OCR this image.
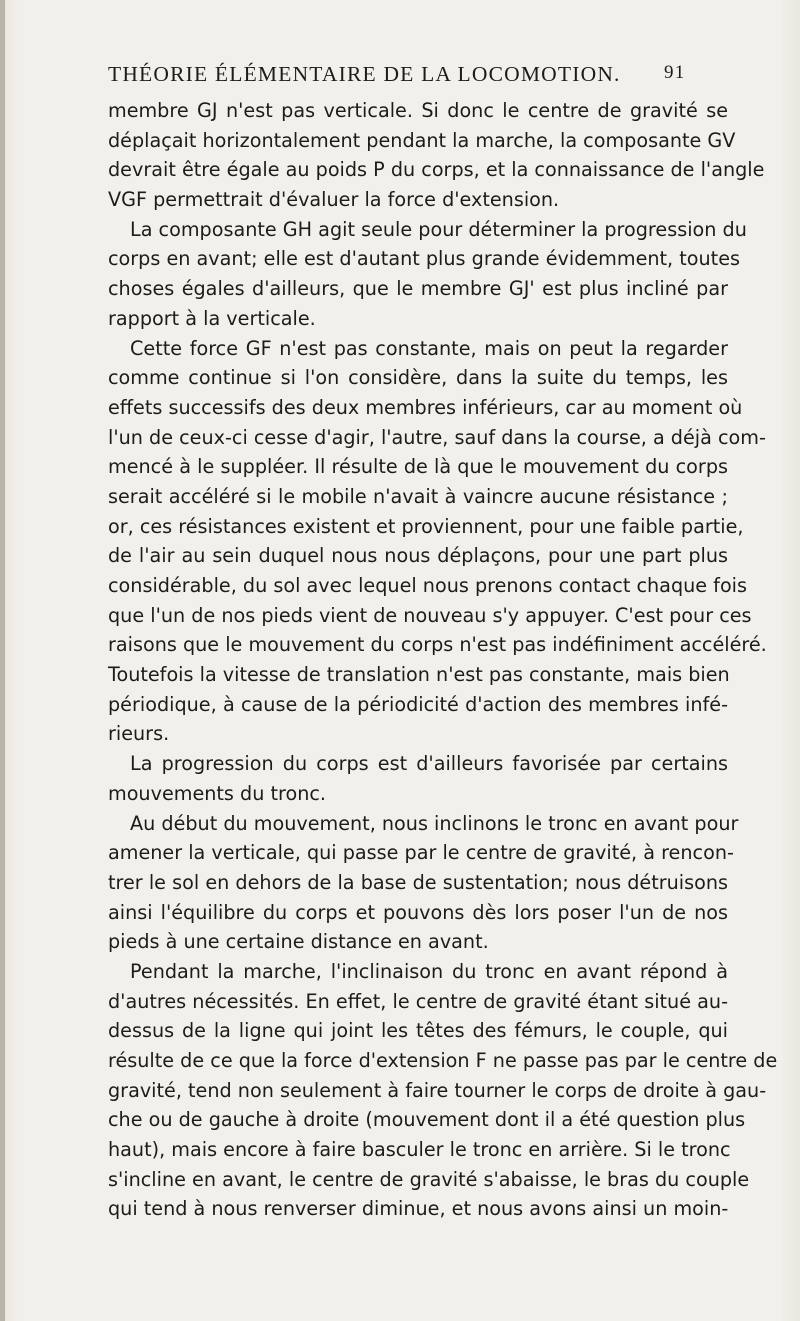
THÉORIE ÉLÉMENTAIRE DE LA LOCOMOTION. 91
membre GJ n'est pas verticale. Si donc le centre de gravité se
déplaçait horizontalement pendant la marche, la composante GV
devrait être égale au poids P du corps, et la connaissance de l'angle
VGF permettrait d'évaluer la force d'extension.
La composante GH agit seule pour déterminer la progression du
corps en avant; elle est d'autant plus grande évidemment, toutes
choses égales d'ailleurs, que le membre GJ' est plus incliné par
rapport à la verticale.
Cette force GF n'est pas constante, mais on peut la regarder
comme continue si l'on considère, dans la suite du temps, les
effets successifs des deux membres inférieurs, car au moment où
l'un de ceux-ci cesse d'agir, l'autre, sauf dans la course, a déjà com-
mencé à le suppléer. Il résulte de là que le mouvement du corps
serait accéléré si le mobile n'avait à vaincre aucune résistance ;
or, ces résistances existent et proviennent, pour une faible partie,
de l'air au sein duquel nous nous déplaçons, pour une part plus
considérable, du sol avec lequel nous prenons contact chaque fois
que l'un de nos pieds vient de nouveau s'y appuyer. C'est pour ces
raisons que le mouvement du corps n'est pas indéfiniment accéléré.
Toutefois la vitesse de translation n'est pas constante, mais bien
périodique, à cause de la périodicité d'action des membres infé-
rieurs.
La progression du corps est d'ailleurs favorisée par certains
mouvements du tronc.
Au début du mouvement, nous inclinons le tronc en avant pour
amener la verticale, qui passe par le centre de gravité, à rencon-
trer le sol en dehors de la base de sustentation; nous détruisons
ainsi l'équilibre du corps et pouvons dès lors poser l'un de nos
pieds à une certaine distance en avant.
Pendant la marche, l'inclinaison du tronc en avant répond à
d'autres nécessités. En effet, le centre de gravité étant situé au-
dessus de la ligne qui joint les têtes des fémurs, le couple, qui
résulte de ce que la force d'extension F ne passe pas par le centre de
gravité, tend non seulement à faire tourner le corps de droite à gau-
che ou de gauche à droite (mouvement dont il a été question plus
haut), mais encore à faire basculer le tronc en arrière. Si le tronc
s'incline en avant, le centre de gravité s'abaisse, le bras du couple
qui tend à nous renverser diminue, et nous avons ainsi un moin-
